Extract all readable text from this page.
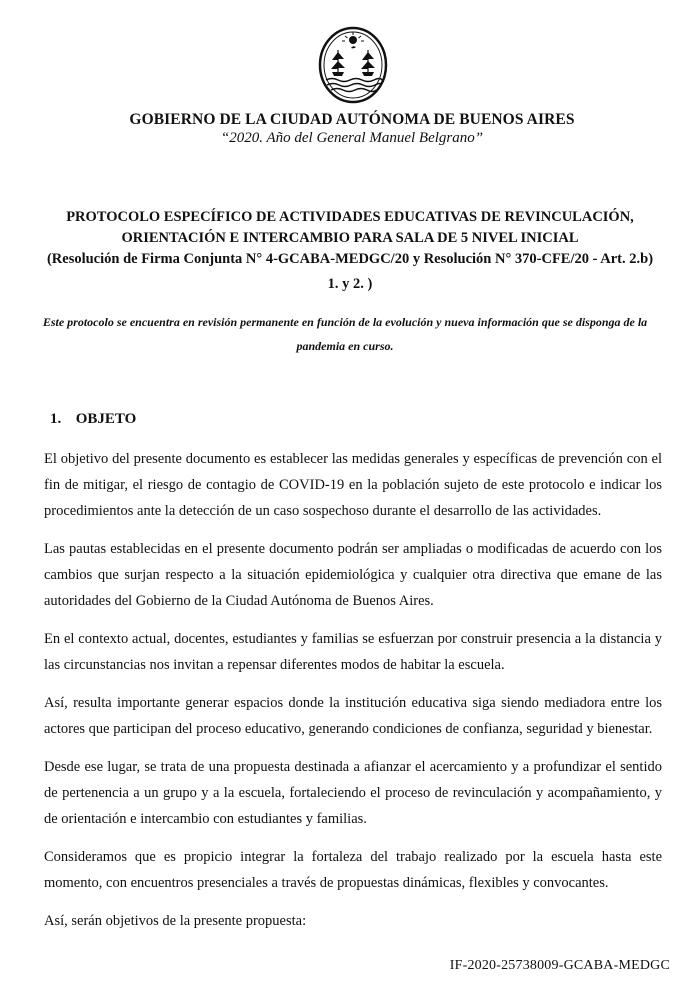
GOBIERNO DE LA CIUDAD AUTÓNOMA DE BUENOS AIRES
“2020. Año del General Manuel Belgrano”
PROTOCOLO ESPECÍFICO DE ACTIVIDADES EDUCATIVAS DE REVINCULACIÓN,
ORIENTACIÓN E INTERCAMBIO PARA SALA DE 5 NIVEL INICIAL
(Resolución de Firma Conjunta N° 4-GCABA-MEDGC/20 y Resolución N° 370-CFE/20 - Art. 2.b)
1. y 2. )
Este protocolo se encuentra en revisión permanente en función de la evolución y nueva información que se disponga de la pandemia en curso.
1. OBJETO

El objetivo del presente documento es establecer las medidas generales y específicas de prevención con el fin de mitigar, el riesgo de contagio de COVID-19 en la población sujeto de este protocolo e indicar los procedimientos ante la detección de un caso sospechoso durante el desarrollo de las actividades.

Las pautas establecidas en el presente documento podrán ser ampliadas o modificadas de acuerdo con los cambios que surjan respecto a la situación epidemiológica y cualquier otra directiva que emane de las autoridades del Gobierno de la Ciudad Autónoma de Buenos Aires.

En el contexto actual, docentes, estudiantes y familias se esfuerzan por construir presencia a la distancia y las circunstancias nos invitan a repensar diferentes modos de habitar la escuela.

Así, resulta importante generar espacios donde la institución educativa siga siendo mediadora entre los actores que participan del proceso educativo, generando condiciones de confianza, seguridad y bienestar.

Desde ese lugar, se trata de una propuesta destinada a afianzar el acercamiento y a profundizar el sentido de pertenencia a un grupo y a la escuela, fortaleciendo el proceso de revinculación y acompañamiento, y de orientación e intercambio con estudiantes y familias.

Consideramos que es propicio integrar la fortaleza del trabajo realizado por la escuela hasta este momento, con encuentros presenciales a través de propuestas dinámicas, flexibles y convocantes.

Así, serán objetivos de la presente propuesta:

IF-2020-25738009-GCABA-MEDGC
